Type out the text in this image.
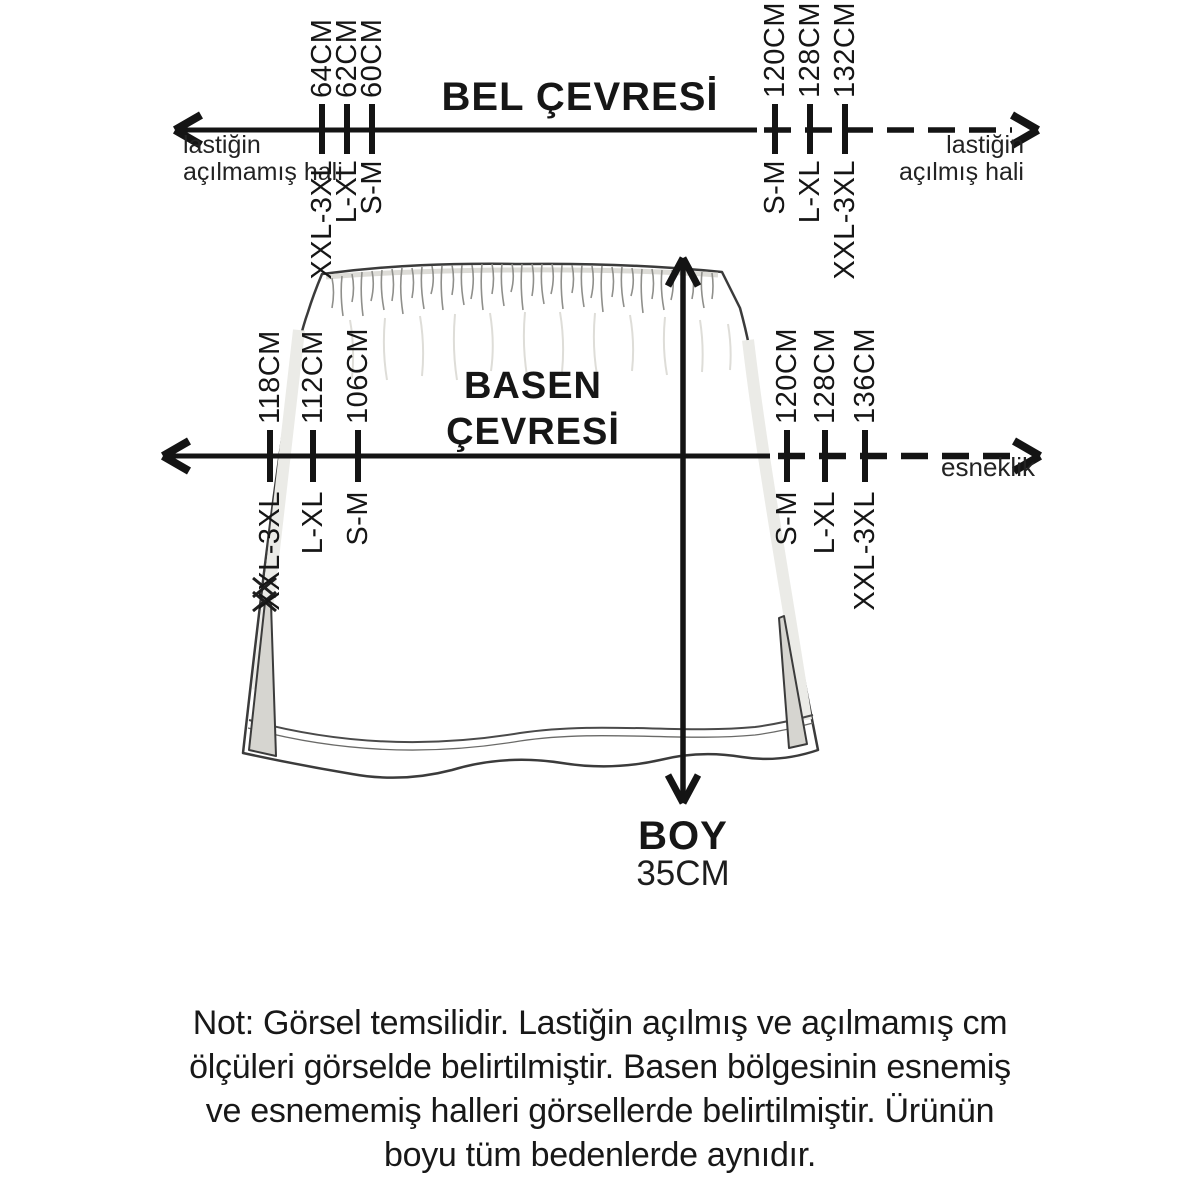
BEL ÇEVRESİ
lastiğin
açılmamış hali
lastiğin
açılmış hali
64CM
62CM
60CM
XXL-3XL
L-XL
S-M
120CM 128CM 132CM
S-M L-XL XXL-3XL
BASEN
ÇEVRESİ
esneklik
118CM 112CM 106CM
XXL-3XL L-XL S-M
120CM 128CM 136CM
S-M L-XL XXL-3XL
BOY
35CM
Not: Görsel temsilidir. Lastiğin açılmış ve açılmamış cm
ölçüleri görselde belirtilmiştir. Basen bölgesinin esnemiş
ve esnememiş halleri görsellerde belirtilmiştir. Ürünün
boyu tüm bedenlerde aynıdır.
